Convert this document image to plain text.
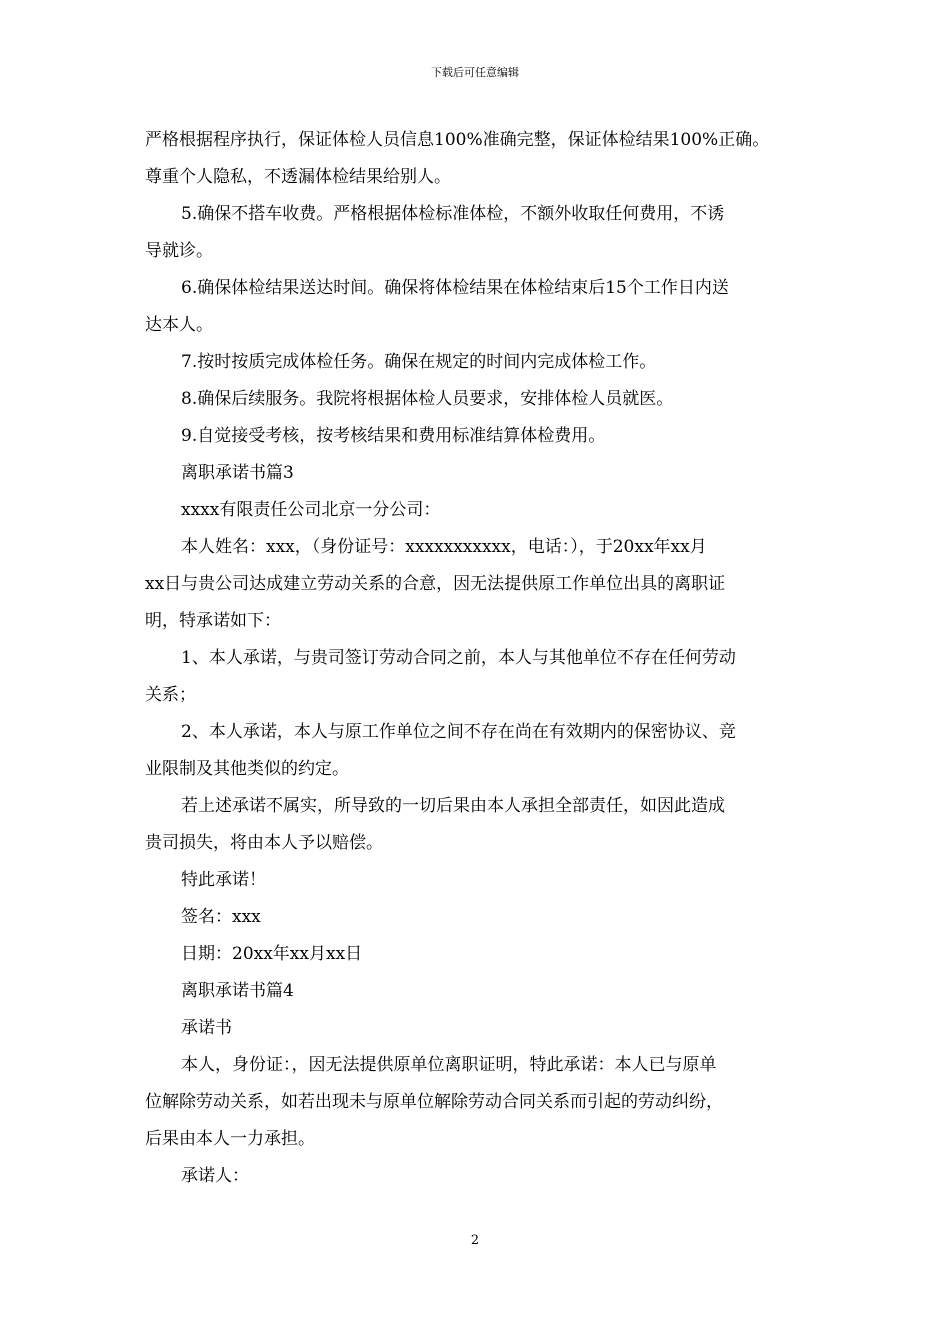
下载后可任意编辑

严格根据程序执行，保证体检人员信息100%准确完整，保证体检结果100%正确。

尊重个人隐私，不透漏体检结果给别人。

5.确保不搭车收费。严格根据体检标准体检，不额外收取任何费用，不诱

导就诊。

6.确保体检结果送达时间。确保将体检结果在体检结束后15个工作日内送

达本人。

7.按时按质完成体检任务。确保在规定的时间内完成体检工作。

8.确保后续服务。我院将根据体检人员要求，安排体检人员就医。

9.自觉接受考核，按考核结果和费用标准结算体检费用。

离职承诺书篇3

xxxx有限责任公司北京一分公司：

本人姓名：xxx，（身份证号：xxxxxxxxxxx，电话：），于20xx年xx月

xx日与贵公司达成建立劳动关系的合意，因无法提供原工作单位出具的离职证

明，特承诺如下：

1、本人承诺，与贵司签订劳动合同之前，本人与其他单位不存在任何劳动

关系；

2、本人承诺，本人与原工作单位之间不存在尚在有效期内的保密协议、竞

业限制及其他类似的约定。

若上述承诺不属实，所导致的一切后果由本人承担全部责任，如因此造成

贵司损失，将由本人予以赔偿。

特此承诺！

签名：xxx

日期：20xx年xx月xx日

离职承诺书篇4

承诺书

本人，身份证：，因无法提供原单位离职证明，特此承诺：本人已与原单

位解除劳动关系，如若出现未与原单位解除劳动合同关系而引起的劳动纠纷，

后果由本人一力承担。

承诺人：

2
